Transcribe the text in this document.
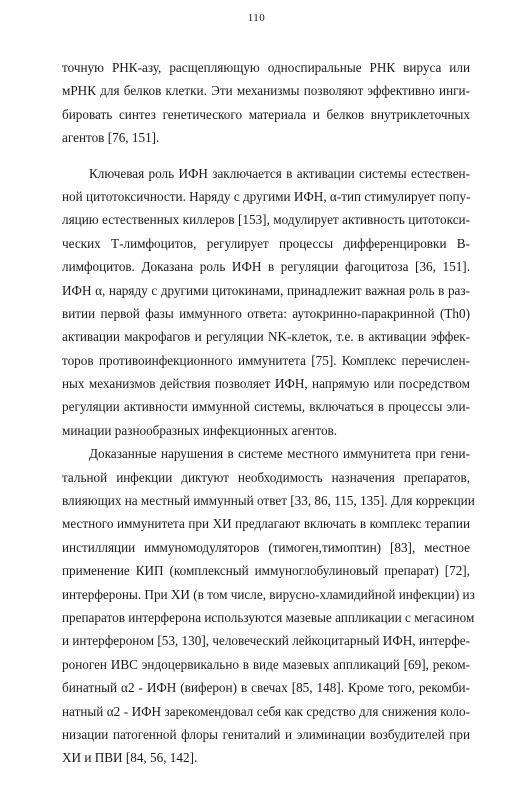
110

точную РНК-азу, расщепляющую односпиральные РНК вируса или
мРНК для белков клетки. Эти механизмы позволяют эффективно инги-
бировать синтез генетического материала и белков внутриклеточных
агентов [76, 151].

Ключевая роль ИФН заключается в активации системы естествен-
ной цитотоксичности. Наряду с другими ИФН, α-тип стимулирует попу-
ляцию естественных киллеров [153], модулирует активность цитотокси-
ческих Т-лимфоцитов, регулирует процессы дифференцировки В-
лимфоцитов. Доказана роль ИФН в регуляции фагоцитоза [36, 151].
ИФН α, наряду с другими цитокинами, принадлежит важная роль в раз-
витии первой фазы иммунного ответа: аутокринно-паракринной (Th0)
активации макрофагов и регуляции NK-клеток, т.е. в активации эффек-
торов противоинфекционного иммунитета [75]. Комплекс перечислен-
ных механизмов действия позволяет ИФН, напрямую или посредством
регуляции активности иммунной системы, включаться в процессы эли-
минации разнообразных инфекционных агентов.

Доказанные нарушения в системе местного иммунитета при гени-
тальной инфекции диктуют необходимость назначения препаратов,
влияющих на местный иммунный ответ [33, 86, 115, 135]. Для коррекции
местного иммунитета при ХИ предлагают включать в комплекс терапии
инстилляции иммуномодуляторов (тимоген,тимоптин) [83], местное
применение КИП (комплексный иммуноглобулиновый препарат) [72],
интерфероны. При ХИ (в том числе, вирусно-хламидийной инфекции) из
препаратов интерферона используются мазевые аппликации с мегасином
и интерфероном [53, 130], человеческий лейкоцитарный ИФН, интерфе-
роноген ИВС эндоцервикально в виде мазевых аппликаций [69], реком-
бинатный α2 - ИФН (виферон) в свечах [85, 148]. Кроме того, рекомби-
натный α2 - ИФН зарекомендовал себя как средство для снижения коло-
низации патогенной флоры гениталий и элиминации возбудителей при
ХИ и ПВИ [84, 56, 142].
